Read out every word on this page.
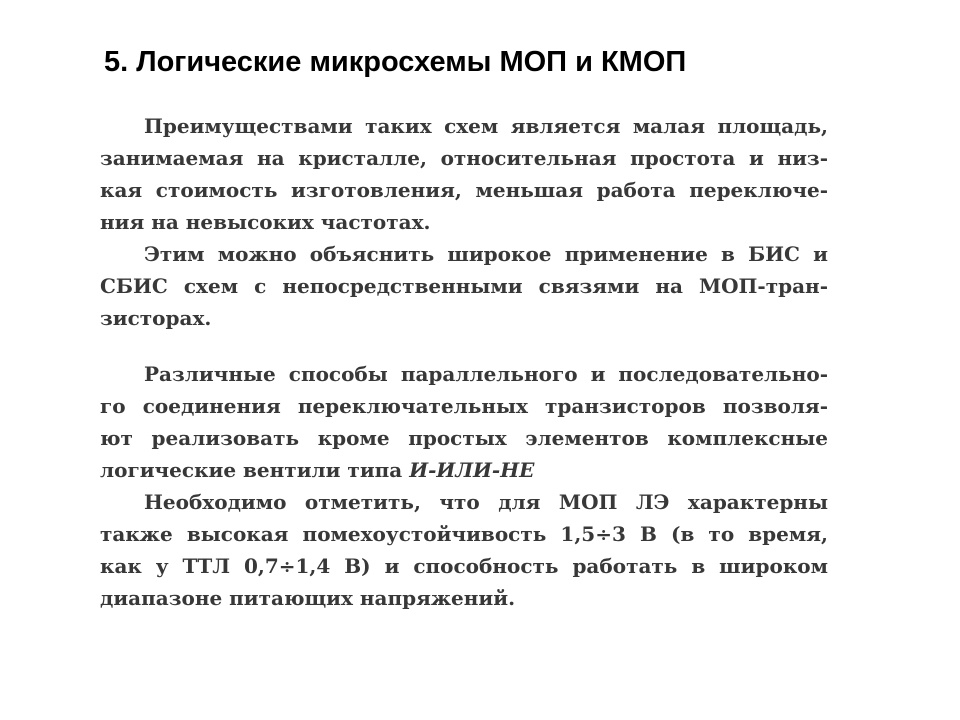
5. Логические микросхемы МОП и КМОП
Преимуществами таких схем является малая площадь,
занимаемая на кристалле, относительная простота и низ-
кая стоимость изготовления, меньшая работа переключе-
ния на невысоких частотах.
Этим можно объяснить широкое применение в БИС и
СБИС схем с непосредственными связями на МОП-тран-
зисторах.
Различные способы параллельного и последовательно-
го соединения переключательных транзисторов позволя-
ют реализовать кроме простых элементов комплексные
логические вентили типа И-ИЛИ-НЕ
Необходимо отметить, что для МОП ЛЭ характерны
также высокая помехоустойчивость 1,5÷3 В (в то время,
как у ТТЛ 0,7÷1,4 В) и способность работать в широком
диапазоне питающих напряжений.
